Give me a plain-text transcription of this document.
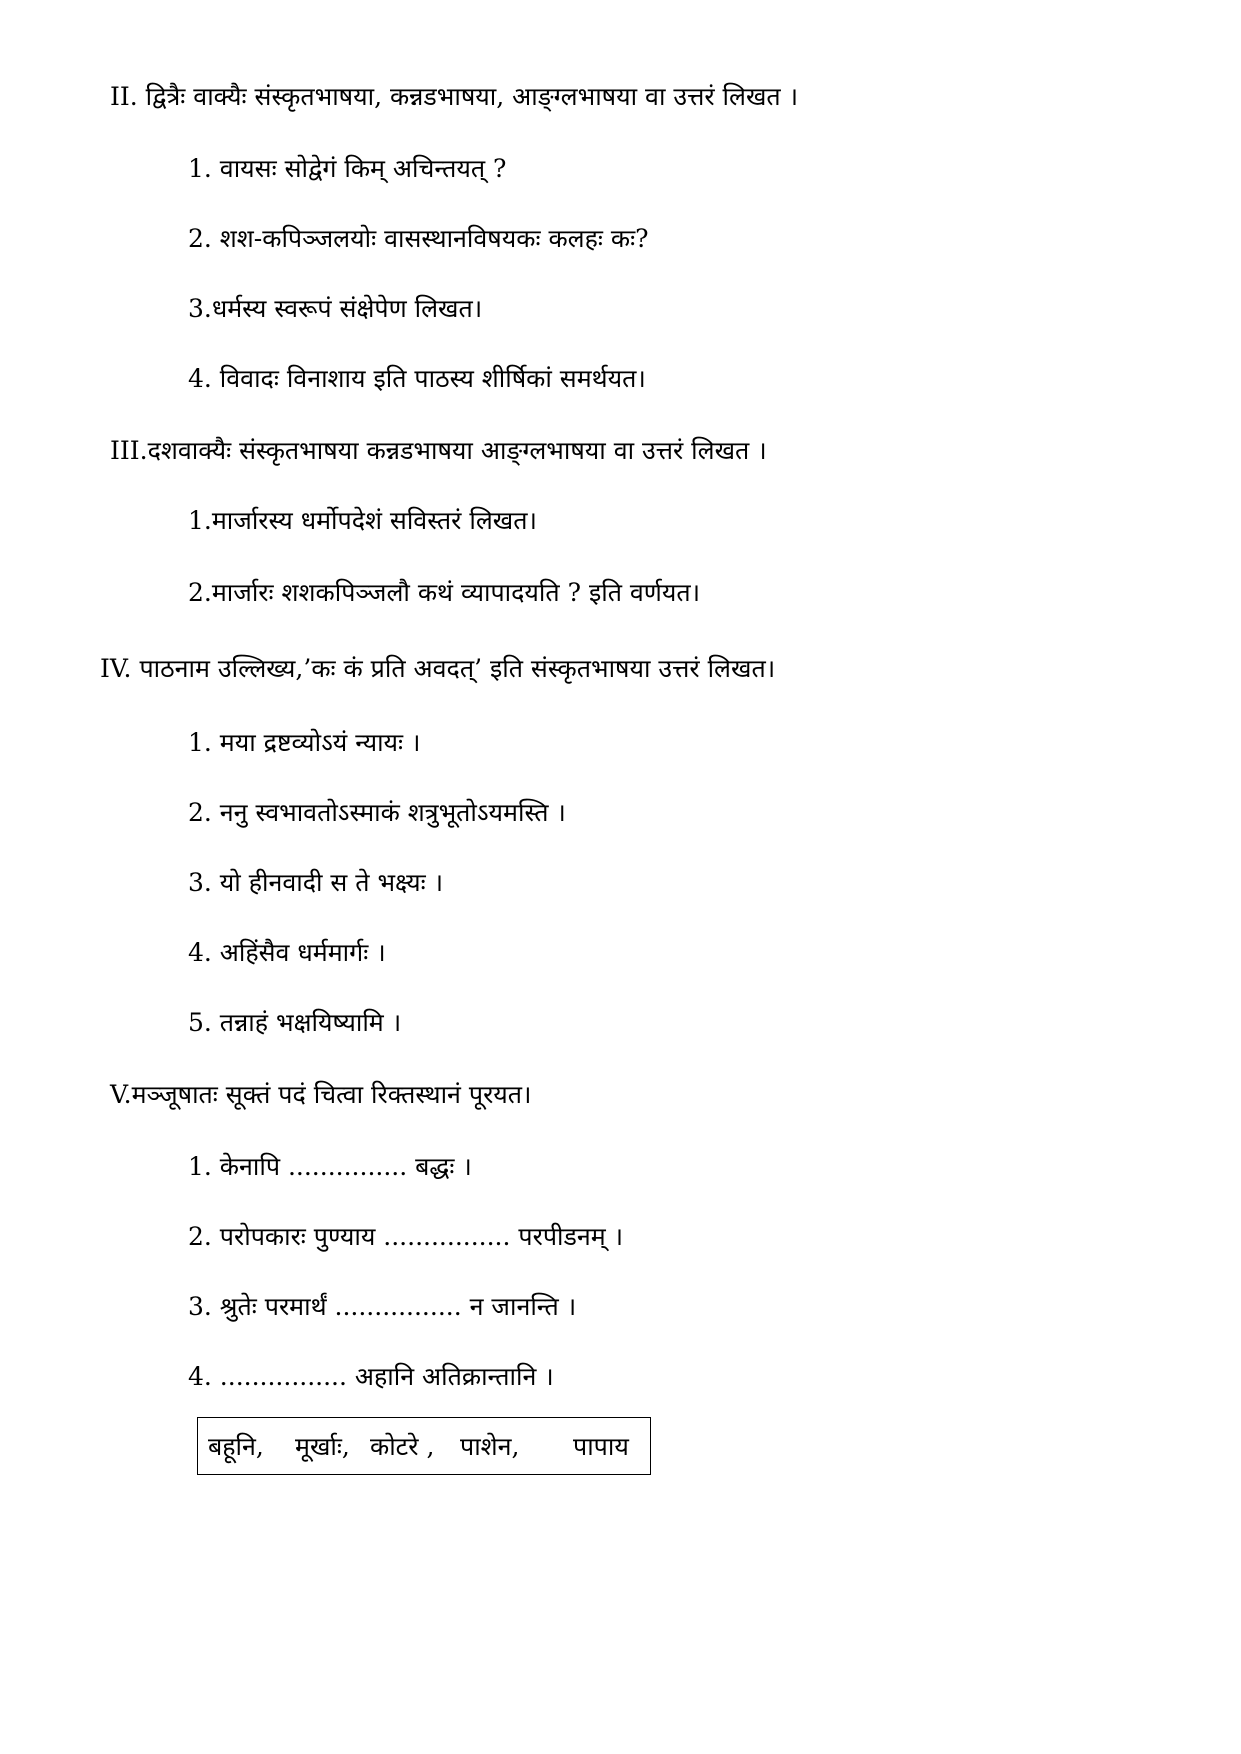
II. द्वित्रैः वाक्यैः संस्कृतभाषया, कन्नडभाषया, आङ्ग्लभाषया वा उत्तरं लिखत ।
1. वायसः सोद्वेगं किम् अचिन्तयत् ?
2. शश-कपिञ्जलयोः वासस्थानविषयकः कलहः कः?
3.धर्मस्य स्वरूपं संक्षेपेण लिखत।
4. विवादः विनाशाय इति पाठस्य शीर्षिकां समर्थयत।
III.दशवाक्यैः संस्कृतभाषया कन्नडभाषया आङ्ग्लभाषया वा उत्तरं लिखत ।
1.मार्जारस्य धर्मोपदेशं सविस्तरं लिखत।
2.मार्जारः शशकपिञ्जलौ कथं व्यापादयति ? इति वर्णयत।
IV. पाठनाम उल्लिख्य,’कः कं प्रति अवदत्’ इति संस्कृतभाषया उत्तरं लिखत।
1. मया द्रष्टव्योऽयं न्यायः ।
2. ननु स्वभावतोऽस्माकं शत्रुभूतोऽयमस्ति ।
3. यो हीनवादी स ते भक्ष्यः ।
4. अहिंसैव धर्ममार्गः ।
5. तन्नाहं भक्षयिष्यामि ।
V.मञ्जूषातः सूक्तं पदं चित्वा रिक्तस्थानं पूरयत।
1. केनापि ............... बद्धः ।
2. परोपकारः पुण्याय ................ परपीडनम् ।
3. श्रुतेः परमार्थं ................ न जानन्ति ।
4. ................ अहानि अतिक्रान्तानि ।
बहूनि, मूर्खाः, कोटरे , पाशेन, पापाय
